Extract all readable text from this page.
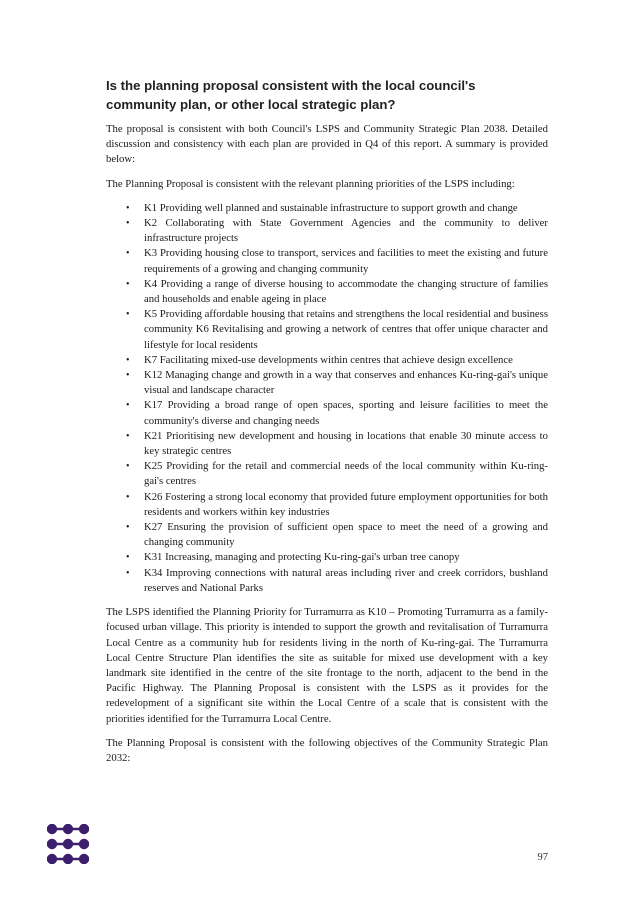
Is the planning proposal consistent with the local council's community plan, or other local strategic plan?

The proposal is consistent with both Council's LSPS and Community Strategic Plan 2038. Detailed discussion and consistency with each plan are provided in Q4 of this report. A summary is provided below:

The Planning Proposal is consistent with the relevant planning priorities of the LSPS including:

• K1 Providing well planned and sustainable infrastructure to support growth and change
• K2 Collaborating with State Government Agencies and the community to deliver infrastructure projects
• K3 Providing housing close to transport, services and facilities to meet the existing and future requirements of a growing and changing community
• K4 Providing a range of diverse housing to accommodate the changing structure of families and households and enable ageing in place
• K5 Providing affordable housing that retains and strengthens the local residential and business community K6 Revitalising and growing a network of centres that offer unique character and lifestyle for local residents
• K7 Facilitating mixed-use developments within centres that achieve design excellence
• K12 Managing change and growth in a way that conserves and enhances Ku-ring-gai's unique visual and landscape character
• K17 Providing a broad range of open spaces, sporting and leisure facilities to meet the community's diverse and changing needs
• K21 Prioritising new development and housing in locations that enable 30 minute access to key strategic centres
• K25 Providing for the retail and commercial needs of the local community within Ku-ring-gai's centres
• K26 Fostering a strong local economy that provided future employment opportunities for both residents and workers within key industries
• K27 Ensuring the provision of sufficient open space to meet the need of a growing and changing community
• K31 Increasing, managing and protecting Ku-ring-gai's urban tree canopy
• K34 Improving connections with natural areas including river and creek corridors, bushland reserves and National Parks

The LSPS identified the Planning Priority for Turramurra as K10 – Promoting Turramurra as a family-focused urban village. This priority is intended to support the growth and revitalisation of Turramurra Local Centre as a community hub for residents living in the north of Ku-ring-gai. The Turramurra Local Centre Structure Plan identifies the site as suitable for mixed use development with a key landmark site identified in the centre of the site frontage to the north, adjacent to the bend in the Pacific Highway. The Planning Proposal is consistent with the LSPS as it provides for the redevelopment of a significant site within the Local Centre of a scale that is consistent with the priorities identified for the Turramurra Local Centre.

The Planning Proposal is consistent with the following objectives of the Community Strategic Plan 2032:

97
